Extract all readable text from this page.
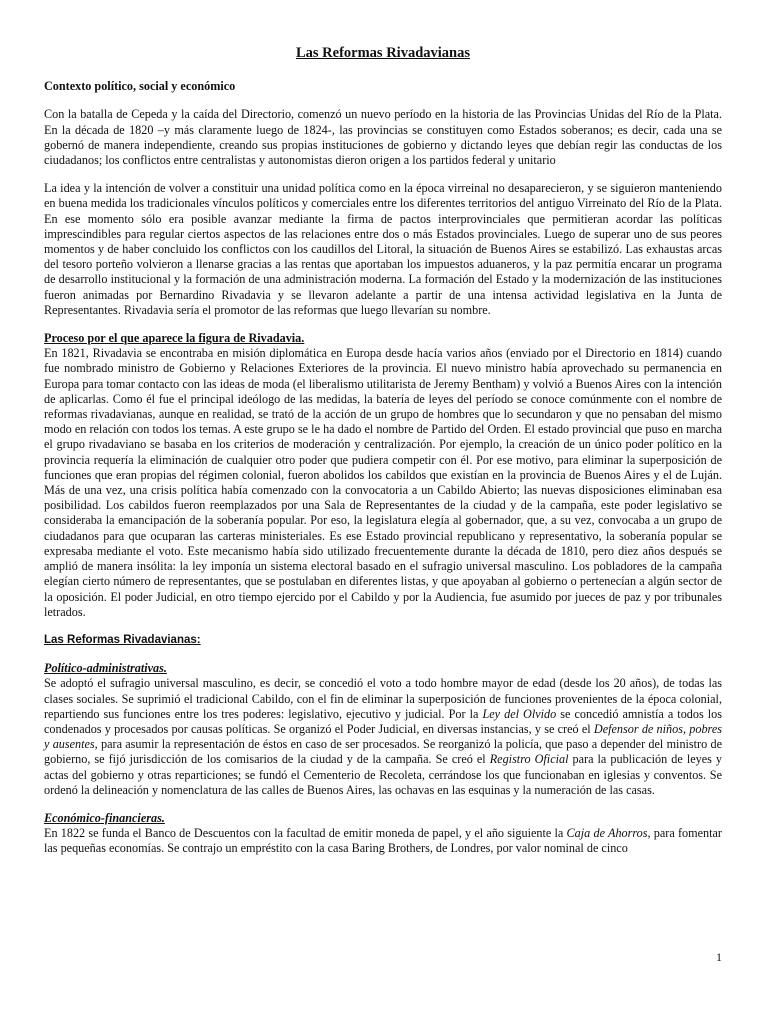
Las Reformas Rivadavianas
Contexto político, social y económico

Con la batalla de Cepeda y la caída del Directorio, comenzó un nuevo período en la historia de las Provincias Unidas del Río de la Plata. En la década de 1820 –y más claramente luego de 1824-, las provincias se constituyen como Estados soberanos; es decir, cada una se gobernó de manera independiente, creando sus propias instituciones de gobierno y dictando leyes que debían regir las conductas de los ciudadanos; los conflictos entre centralistas y autonomistas dieron origen a los partidos federal y unitario

La idea y la intención de volver a constituir una unidad política como en la época virreinal no desaparecieron, y se siguieron manteniendo en buena medida los tradicionales vínculos políticos y comerciales entre los diferentes territorios del antiguo Virreinato del Río de la Plata. En ese momento sólo era posible avanzar mediante la firma de pactos interprovinciales que permitieran acordar las políticas imprescindibles para regular ciertos aspectos de las relaciones entre dos o más Estados provinciales. Luego de superar uno de sus peores momentos y de haber concluido los conflictos con los caudillos del Litoral, la situación de Buenos Aires se estabilizó. Las exhaustas arcas del tesoro porteño volvieron a llenarse gracias a las rentas que aportaban los impuestos aduaneros, y la paz permitía encarar un programa de desarrollo institucional y la formación de una administración moderna. La formación del Estado y la modernización de las instituciones fueron animadas por Bernardino Rivadavia y se llevaron adelante a partir de una intensa actividad legislativa en la Junta de Representantes. Rivadavia sería el promotor de las reformas que luego llevarían su nombre.

Proceso por el que aparece la figura de Rivadavia.

En 1821, Rivadavia se encontraba en misión diplomática en Europa desde hacía varios años (enviado por el Directorio en 1814) cuando fue nombrado ministro de Gobierno y Relaciones Exteriores de la provincia. El nuevo ministro había aprovechado su permanencia en Europa para tomar contacto con las ideas de moda (el liberalismo utilitarista de Jeremy Bentham) y volvió a Buenos Aires con la intención de aplicarlas. Como él fue el principal ideólogo de las medidas, la batería de leyes del período se conoce comúnmente con el nombre de reformas rivadavianas, aunque en realidad, se trató de la acción de un grupo de hombres que lo secundaron y que no pensaban del mismo modo en relación con todos los temas. A este grupo se le ha dado el nombre de Partido del Orden. El estado provincial que puso en marcha el grupo rivadaviano se basaba en los criterios de moderación y centralización. Por ejemplo, la creación de un único poder político en la provincia requería la eliminación de cualquier otro poder que pudiera competir con él. Por ese motivo, para eliminar la superposición de funciones que eran propias del régimen colonial, fueron abolidos los cabildos que existían en la provincia de Buenos Aires y el de Luján. Más de una vez, una crisis política había comenzado con la convocatoria a un Cabildo Abierto; las nuevas disposiciones eliminaban esa posibilidad. Los cabildos fueron reemplazados por una Sala de Representantes de la ciudad y de la campaña, este poder legislativo se consideraba la emancipación de la soberanía popular. Por eso, la legislatura elegía al gobernador, que, a su vez, convocaba a un grupo de ciudadanos para que ocuparan las carteras ministeriales. Es ese Estado provincial republicano y representativo, la soberanía popular se expresaba mediante el voto. Este mecanismo había sido utilizado frecuentemente durante la década de 1810, pero diez años después se amplió de manera insólita: la ley imponía un sistema electoral basado en el sufragio universal masculino. Los pobladores de la campaña elegían cierto número de representantes, que se postulaban en diferentes listas, y que apoyaban al gobierno o pertenecían a algún sector de la oposición. El poder Judicial, en otro tiempo ejercido por el Cabildo y por la Audiencia, fue asumido por jueces de paz y por tribunales letrados.

Las Reformas Rivadavianas:
Político-administrativas.

Se adoptó el sufragio universal masculino, es decir, se concedió el voto a todo hombre mayor de edad (desde los 20 años), de todas las clases sociales. Se suprimió el tradicional Cabildo, con el fin de eliminar la superposición de funciones provenientes de la época colonial, repartiendo sus funciones entre los tres poderes: legislativo, ejecutivo y judicial. Por la Ley del Olvido se concedió amnistía a todos los condenados y procesados por causas políticas. Se organizó el Poder Judicial, en diversas instancias, y se creó el Defensor de niños, pobres y ausentes, para asumir la representación de éstos en caso de ser procesados. Se reorganizó la policía, que paso a depender del ministro de gobierno, se fijó jurisdicción de los comisarios de la ciudad y de la campaña. Se creó el Registro Oficial para la publicación de leyes y actas del gobierno y otras reparticiones; se fundó el Cementerio de Recoleta, cerrándose los que funcionaban en iglesias y conventos. Se ordenó la delineación y nomenclatura de las calles de Buenos Aires, las ochavas en las esquinas y la numeración de las casas.

Económico-financieras.

En 1822 se funda el Banco de Descuentos con la facultad de emitir moneda de papel, y el año siguiente la Caja de Ahorros, para fomentar las pequeñas economías. Se contrajo un empréstito con la casa Baring Brothers, de Londres, por valor nominal de cinco

1
